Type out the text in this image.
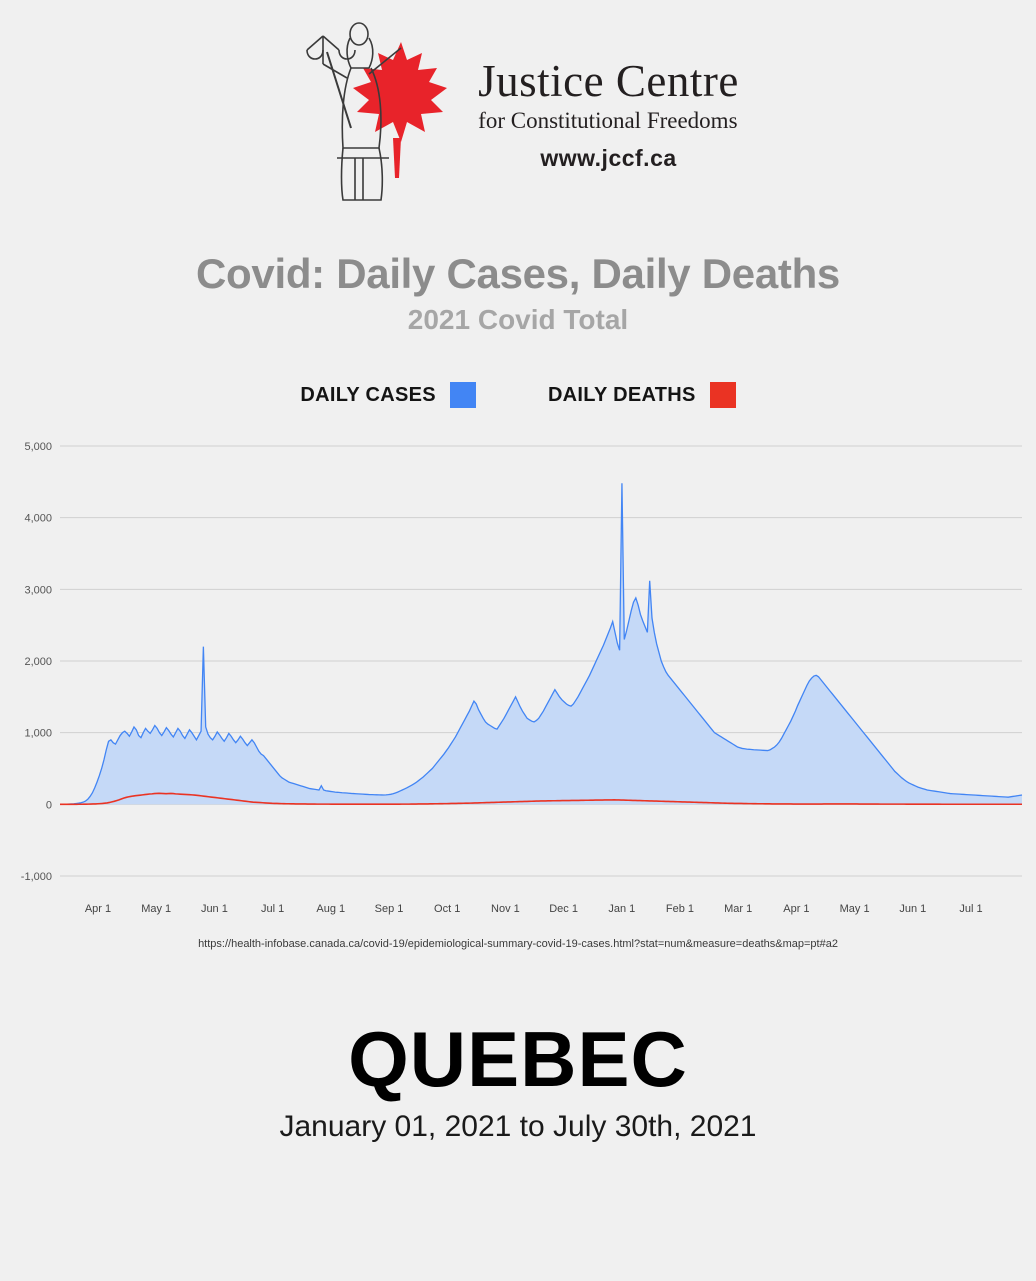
Justice Centre
for Constitutional Freedoms
www.jccf.ca
Covid: Daily Cases, Daily Deaths
2021 Covid Total
DAILY CASES	DAILY DEATHS
5,000
4,000
3,000
2,000
1,000
0
-1,000
Apr 1	May 1	Jun 1	Jul 1	Aug 1	Sep 1	Oct 1	Nov 1	Dec 1	Jan 1	Feb 1	Mar 1	Apr 1	May 1	Jun 1	Jul 1
https://health-infobase.canada.ca/covid-19/epidemiological-summary-covid-19-cases.html?stat=num&measure=deaths&map=pt#a2
QUEBEC
January 01, 2021 to July 30th, 2021
